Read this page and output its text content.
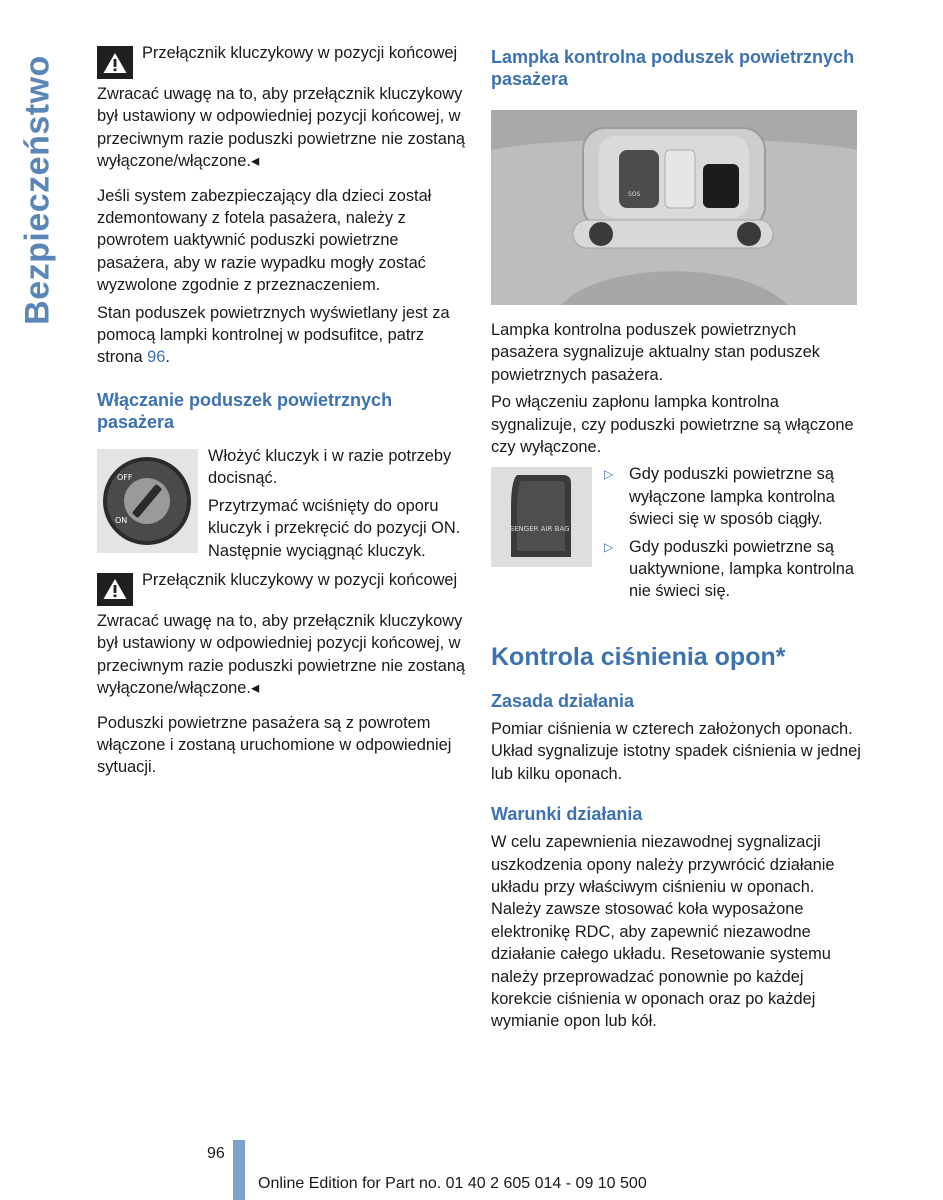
Bezpieczeństwo
Przełącznik kluczykowy w pozycji końcowej

Zwracać uwagę na to, aby przełącznik kluczykowy był ustawiony w odpowiedniej pozycji końcowej, w przeciwnym razie poduszki powietrzne nie zostaną wyłączone/włączone.◂

Jeśli system zabezpieczający dla dzieci został zdemontowany z fotela pasażera, należy z powrotem uaktywnić poduszki powietrzne pasażera, aby w razie wypadku mogły zostać wyzwolone zgodnie z przeznaczeniem.

Stan poduszek powietrznych wyświetlany jest za pomocą lampki kontrolnej w podsufitce, patrz strona 96.

Włączanie poduszek powietrznych pasażera
OFF
ON

Włożyć kluczyk i w razie potrzeby docisnąć.

Przytrzymać wciśnięty do oporu kluczyk i przekręcić do pozycji ON. Następnie wyciągnąć kluczyk.

Przełącznik kluczykowy w pozycji końcowej

Zwracać uwagę na to, aby przełącznik kluczykowy był ustawiony w odpowiedniej pozycji końcowej, w przeciwnym razie poduszki powietrzne nie zostaną wyłączone/włączone.◂

Poduszki powietrzne pasażera są z powrotem włączone i zostaną uruchomione w odpowiedniej sytuacji.

Lampka kontrolna poduszek powietrznych pasażera
SOS

Lampka kontrolna poduszek powietrznych pasażera sygnalizuje aktualny stan poduszek powietrznych pasażera.

Po włączeniu zapłonu lampka kontrolna sygnalizuje, czy poduszki powietrzne są włączone czy wyłączone.

PASSENGER AIR BAG OFF
▷ Gdy poduszki powietrzne są wyłączone lampka kontrolna świeci się w sposób ciągły.
▷ Gdy poduszki powietrzne są uaktywnione, lampka kontrolna nie świeci się.
Kontrola ciśnienia opon*
Zasada działania

Pomiar ciśnienia w czterech założonych oponach. Układ sygnalizuje istotny spadek ciśnienia w jednej lub kilku oponach.

Warunki działania

W celu zapewnienia niezawodnej sygnalizacji uszkodzenia opony należy przywrócić działanie układu przy właściwym ciśnieniu w oponach. Należy zawsze stosować koła wyposażone elektronikę RDC, aby zapewnić niezawodne działanie całego układu. Resetowanie systemu należy przeprowadzać ponownie po każdej korekcie ciśnienia w oponach oraz po każdej wymianie opon lub kół.

96
Online Edition for Part no. 01 40 2 605 014 - 09 10 500
